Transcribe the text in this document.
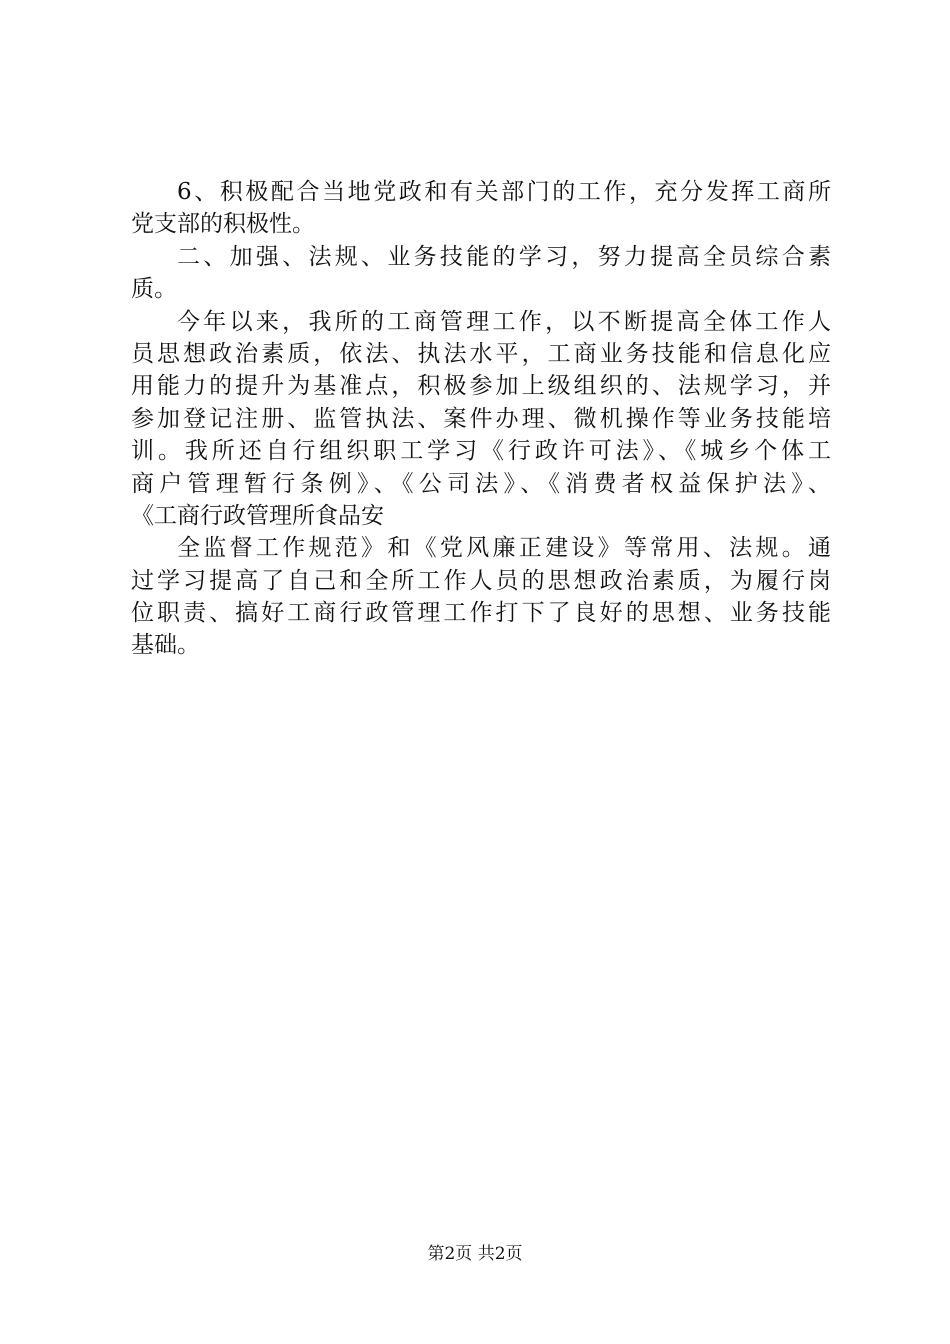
6、积极配合当地党政和有关部门的工作，充分发挥工商所
党支部的积极性。
二、加强、法规、业务技能的学习，努力提高全员综合素
质。
今年以来，我所的工商管理工作，以不断提高全体工作人
员思想政治素质，依法、执法水平，工商业务技能和信息化应
用能力的提升为基准点，积极参加上级组织的、法规学习，并
参加登记注册、监管执法、案件办理、微机操作等业务技能培
训。我所还自行组织职工学习《行政许可法》、《城乡个体工
商户管理暂行条例》、《公司法》、《消费者权益保护法》、
《工商行政管理所食品安
全监督工作规范》和《党风廉正建设》等常用、法规。通
过学习提高了自己和全所工作人员的思想政治素质，为履行岗
位职责、搞好工商行政管理工作打下了良好的思想、业务技能
基础。
第2页 共2页
